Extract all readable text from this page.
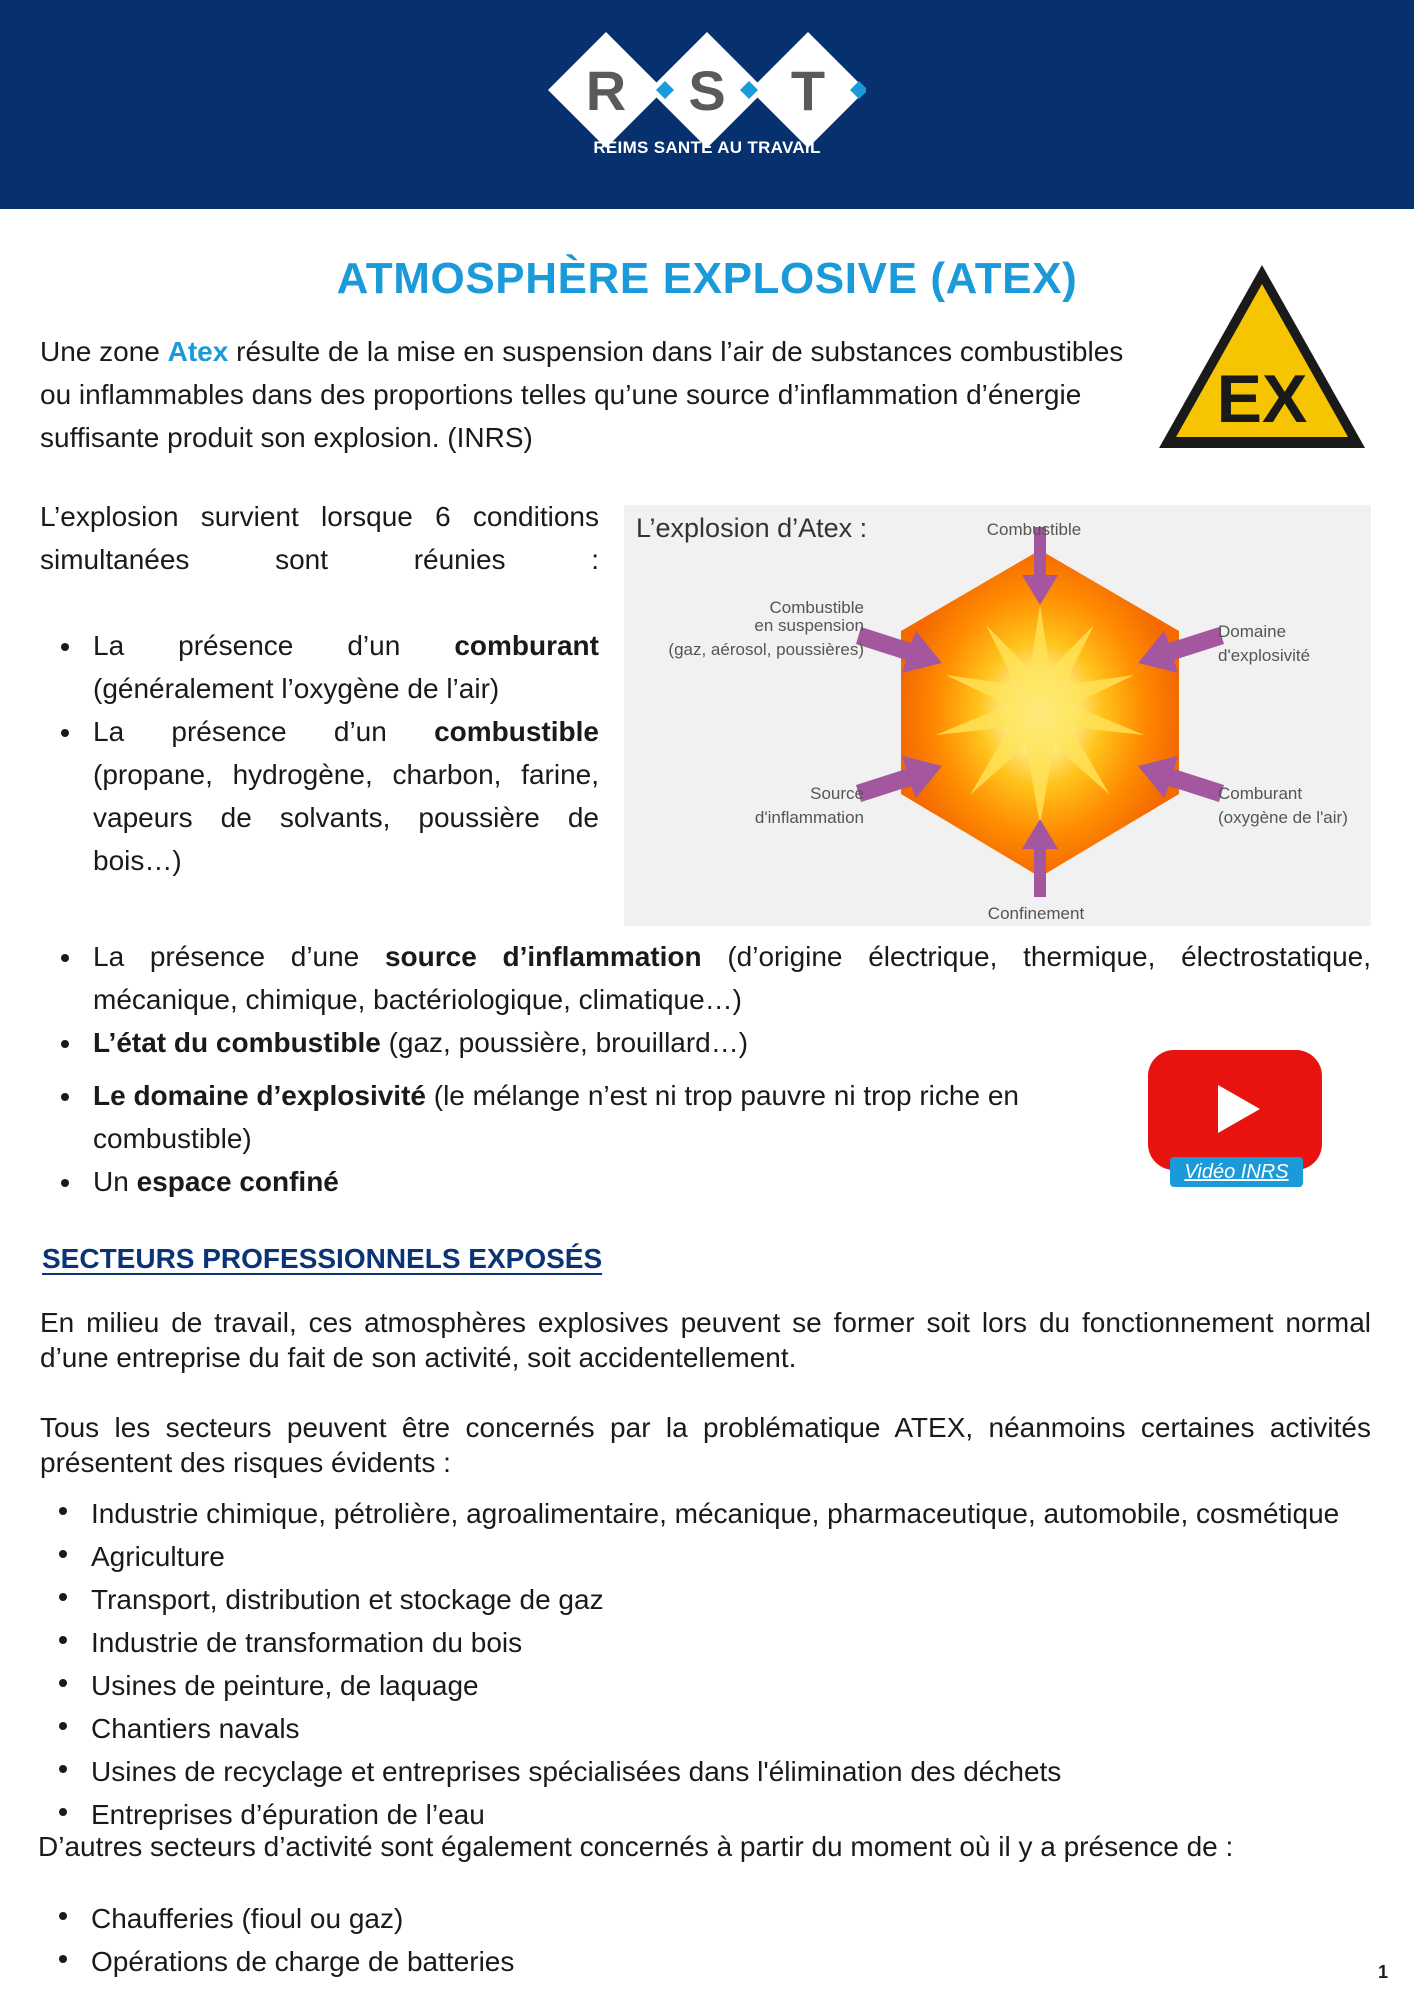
R S T
REIMS SANTÉ AU TRAVAIL
ATMOSPHÈRE EXPLOSIVE (ATEX)
EX

Une zone Atex résulte de la mise en suspension dans l’air de substances combustibles ou inflammables dans des proportions telles qu’une source d’inflammation d’énergie suffisante produit son explosion. (INRS)

L’explosion survient lorsque 6 conditions simultanées sont réunies :

La présence d’un comburant (généralement l’oxygène de l’air)
La présence d’un combustible (propane, hydrogène, charbon, farine, vapeurs de solvants, poussière de bois…)
L’explosion d’Atex :	Combustible
Combustible
en suspension
(gaz, aérosol, poussières)
Domaine
d'explosivité
Source
d'inflammation
Comburant
(oxygène de l'air)
Confinement
La présence d’une source d’inflammation (d’origine électrique, thermique, électrostatique, mécanique, chimique, bactériologique, climatique…)
L’état du combustible (gaz, poussière, brouillard…)
Le domaine d’explosivité (le mélange n’est ni trop pauvre ni trop riche en combustible)
Un espace confiné	Vidéo INRS
SECTEURS PROFESSIONNELS EXPOSÉS

En milieu de travail, ces atmosphères explosives peuvent se former soit lors du fonctionnement normal d’une entreprise du fait de son activité, soit accidentellement.

Tous les secteurs peuvent être concernés par la problématique ATEX, néanmoins certaines activités présentent des risques évidents :

Industrie chimique, pétrolière, agroalimentaire, mécanique, pharmaceutique, automobile, cosmétique
Agriculture
Transport, distribution et stockage de gaz
Industrie de transformation du bois
Usines de peinture, de laquage
Chantiers navals
Usines de recyclage et entreprises spécialisées dans l'élimination des déchets
Entreprises d’épuration de l’eau

D’autres secteurs d’activité sont également concernés à partir du moment où il y a présence de :

Chaufferies (fioul ou gaz)
Opérations de charge de batteries	1
